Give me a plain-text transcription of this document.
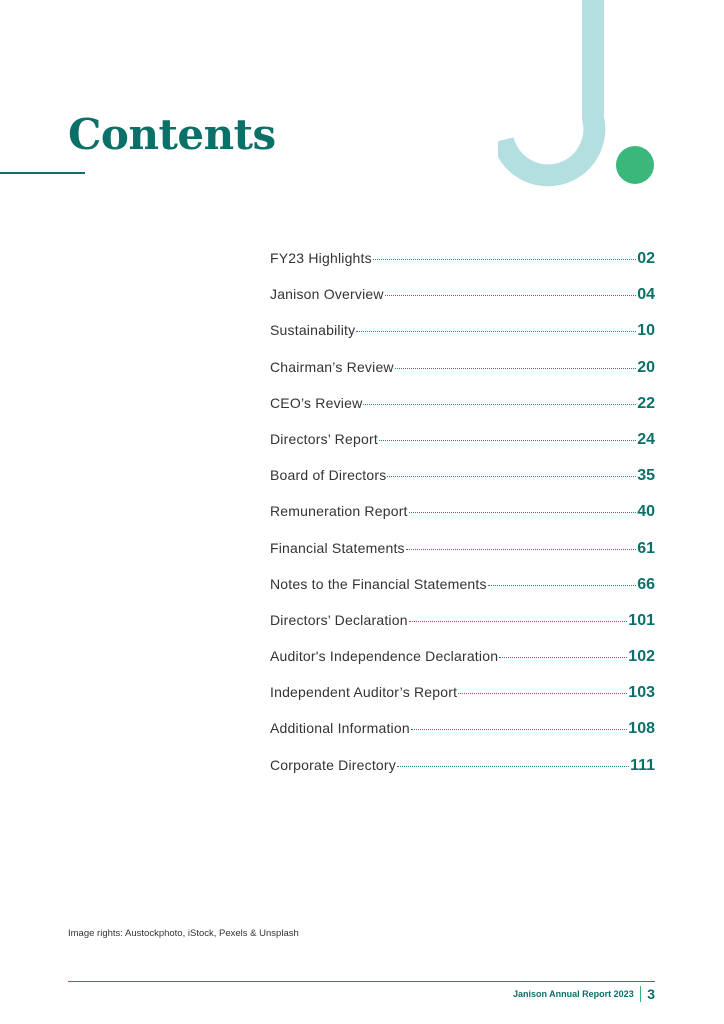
Contents
FY23 Highlights	02
Janison Overview	04
Sustainability	10
Chairman’s Review	20
CEO’s Review	22
Directors’ Report	24
Board of Directors	35
Remuneration Report	40
Financial Statements	61
Notes to the Financial Statements	66
Directors’ Declaration	101
Auditor's Independence Declaration	102
Independent Auditor’s Report	103
Additional Information	108
Corporate Directory	111
Image rights: Austockphoto, iStock, Pexels & Unsplash
Janison Annual Report 2023 3
